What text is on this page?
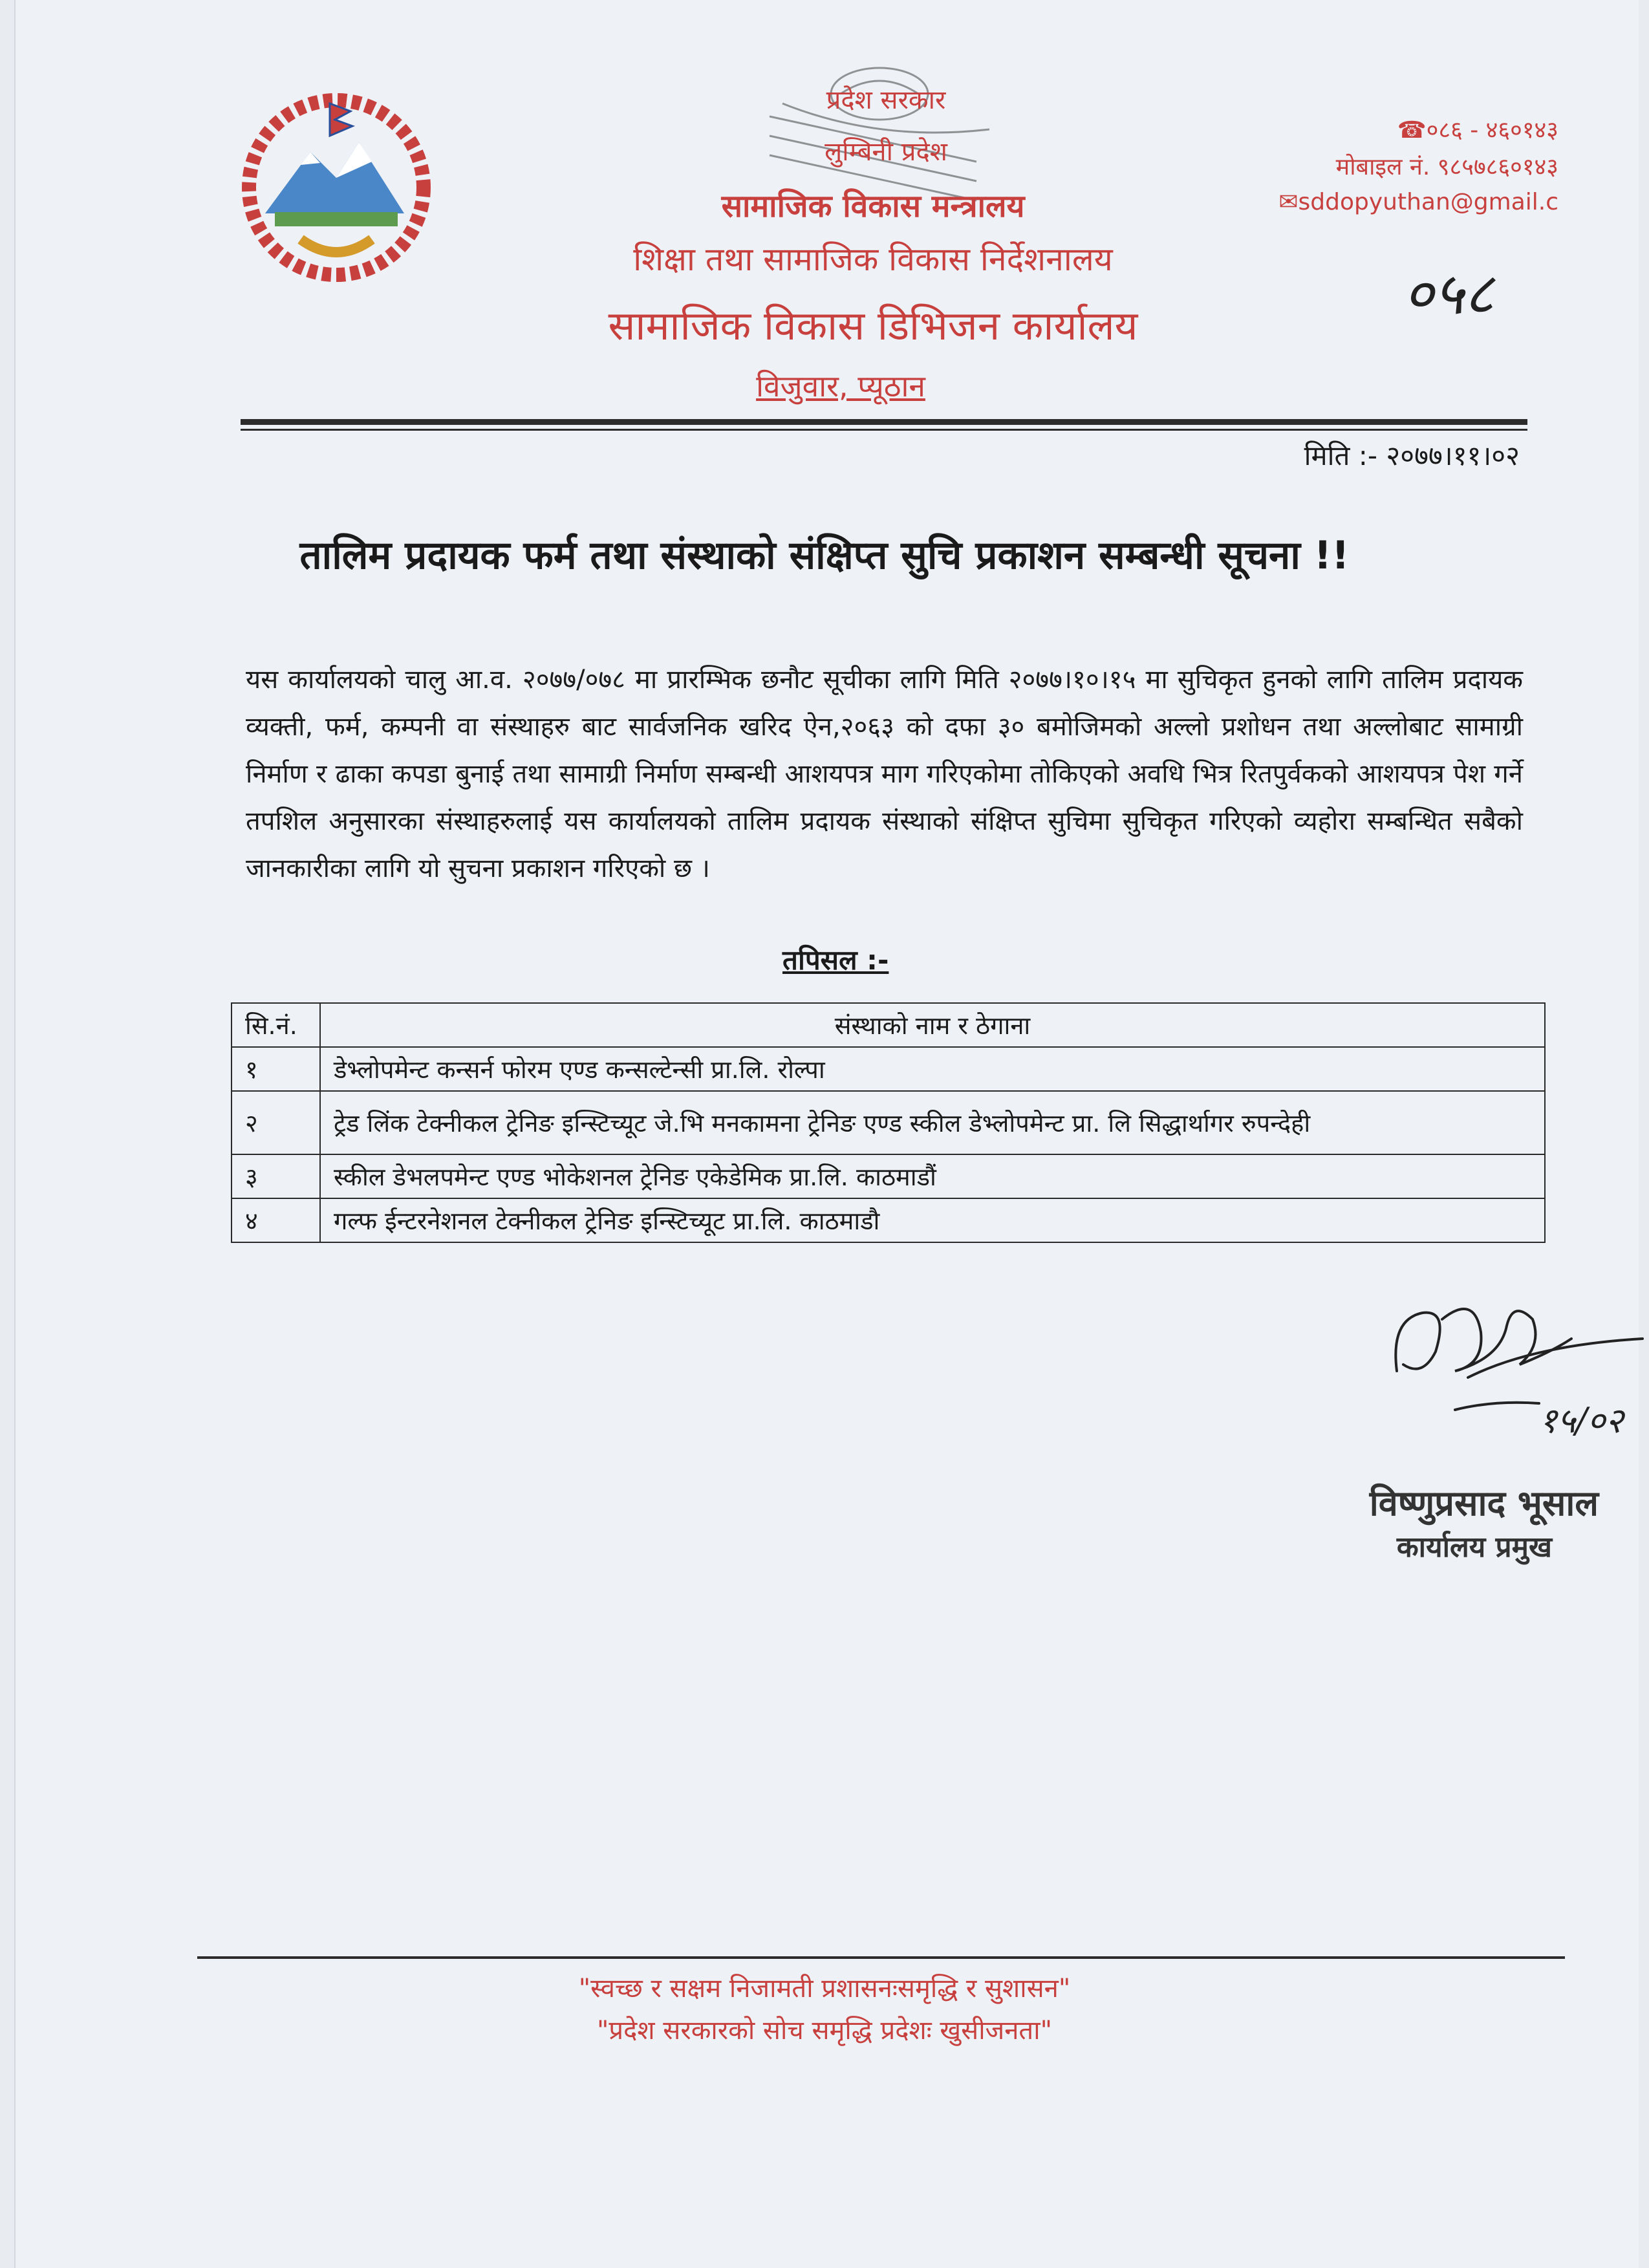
प्रदेश सरकार
लुम्बिनी प्रदेश
सामाजिक विकास मन्त्रालय
शिक्षा तथा सामाजिक विकास निर्देशनालय
सामाजिक विकास डिभिजन कार्यालय
विजुवार, प्यूठान
☎०८६ - ४६०१४३
मोबाइल नं. ९८५७८६०१४३
✉sddopyuthan@gmail.c
०५८
मिति :- २०७७।११।०२
तालिम प्रदायक फर्म तथा संस्थाको संक्षिप्त सुचि प्रकाशन सम्बन्धी सूचना !!
यस कार्यालयको चालु आ.व. २०७७/०७८ मा प्रारम्भिक छनौट सूचीका लागि मिति २०७७।१०।१५ मा सुचिकृत हुनको लागि तालिम प्रदायक व्यक्ती, फर्म, कम्पनी वा संस्थाहरु बाट सार्वजनिक खरिद ऐन,२०६३ को दफा ३० बमोजिमको अल्लो प्रशोधन तथा अल्लोबाट सामाग्री निर्माण र ढाका कपडा बुनाई तथा सामाग्री निर्माण सम्बन्धी आशयपत्र माग गरिएकोमा तोकिएको अवधि भित्र रितपुर्वकको आशयपत्र पेश गर्ने तपशिल अनुसारका संस्थाहरुलाई यस कार्यालयको तालिम प्रदायक संस्थाको संक्षिप्त सुचिमा सुचिकृत गरिएको व्यहोरा सम्बन्धित सबैको जानकारीका लागि यो सुचना प्रकाशन गरिएको छ ।
तपिसल :-
सि.नं.	संस्थाको नाम र ठेगाना
१	डेभ्लोपमेन्ट कन्सर्न फोरम एण्ड कन्सल्टेन्सी प्रा.लि. रोल्पा
२	ट्रेड लिंक टेक्नीकल ट्रेनिङ इन्स्टिच्यूट जे.भि मनकामना ट्रेनिङ एण्ड स्कील डेभ्लोपमेन्ट प्रा. लि सिद्धार्थागर रुपन्देही
३	स्कील डेभलपमेन्ट एण्ड भोकेशनल ट्रेनिङ एकेडेमिक प्रा.लि. काठमाडौं
४	गल्फ ईन्टरनेशनल टेक्नीकल ट्रेनिङ इन्स्टिच्यूट प्रा.लि. काठमाडौ
१५/०२
विष्णुप्रसाद भूसाल
कार्यालय प्रमुख
"स्वच्छ र सक्षम निजामती प्रशासनःसमृद्धि र सुशासन"
"प्रदेश सरकारको सोच समृद्धि प्रदेशः खुसीजनता"
